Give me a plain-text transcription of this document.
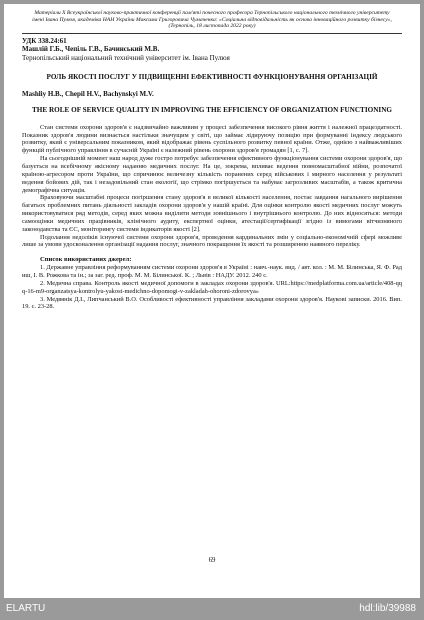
Матеріали X Всеукраїнської науково-практичної конференції пам'яті почесного професора Тернопільського національного технічного університету імені Івана Пулюя, академіка НАН України Максима Григоровича Чумаченка: «Соціальна відповідальність як основа інноваційного розвитку бізнесу», (Тернопіль, 18 листопада 2022 року)
УДК 338.24:61
Машлій Г.Б., Чепіль Г.В., Бачинський М.В.
Тернопільський національний технічний університет ім. Івана Пулюя
РОЛЬ ЯКОСТІ ПОСЛУГ У ПІДВИЩЕННІ ЕФЕКТИВНОСТІ ФУНКЦІОНУВАННЯ ОРГАНІЗАЦІЙ
Mashliy H.B., Chepil H.V., Bachynskyi M.V.
THE ROLE OF SERVICE QUALITY IN IMPROVING THE EFFICIENCY OF ORGANIZATION FUNCTIONING

Стан системи охорони здоров'я є надзвичайно важливим у процесі забезпечення високого рівня життя і належної працездатності. Показник здоров'я людини визнається настільки значущим у світі, що займає лідируючу позицію при формуванні індексу людського розвитку, який є універсальним показником, який відображає рівень суспільного розвитку певної країни. Отже, однією з найважливіших функцій публічного управління в сучасній Україні є належний рівень охорони здоров'я громадян [1, с. 7].

На сьогоднішній момент наш народ дуже гостро потребує забезпечення ефективного функціонування системи охорони здоров'я, що базується на всебічному якісному наданню медичних послуг. На це, зокрема, впливає ведення повномасштабної війни, розпочатої країною-агресором проти України, що спричинює величезну кількість поранених серед військових і мирного населення у результаті ведення бойових дій, так і незадовільний стан екології, що стрімко погіршується та набуває загрозливих масштабів, а також критична демографічна ситуація.

Враховуючи масштабні процеси погіршення стану здоров'я в великої кількості населення, постає завдання нагального вирішення багатьох проблемних питань діяльності закладів охорони здоров'я у нашій країні. Для оцінки контролю якості медичних послуг можуть використовуватися ряд методів, серед яких можна виділити методи зовнішнього і внутрішнього контролю. До них відносяться: методи самооцінки медичних працівників, клінічного аудиту, експертної оцінки, атестації/сертифікації згідно із вимогами вітчизняного законодавства та ЄС, моніторингу системи індикаторів якості [2].

Подолання недоліків існуючої системи охорони здоров'я, проведення кардинальних змін у соціально-економічній сфері можливе лише за умови удосконалення організації надання послуг, значного покращення їх якості та розширенню наявного переліку.

Список використаних джерел:

1. Державне управління реформуванням системи охорони здоров'я в Україні : навч.-наук. вид. / авт. кол. : М. М. Білинська, Я. Ф. Радиш, І. В. Рожкова та ін.; за заг. ред. проф. М. М. Білинської. К. ; Львів : НАДУ. 2012. 240 с.

2. Медична справа. Контроль якості медичної допомоги в закладах охорони здоров'я. URL:https://medplatforma.com.ua/article/408-qqq-16-m9-organzatsya-kontrolyu-yakost-medichno-dopomogi-v-zakladah-ohoroni-zdorovya»

3. Медвянік Д.І., Липчанський В.О. Особливості ефективності управління закладами охорони здоров'я. Наукові записки. 2016. Вип. 19. с. 23-28.

69
ELARTU	hdl:lib/39988
